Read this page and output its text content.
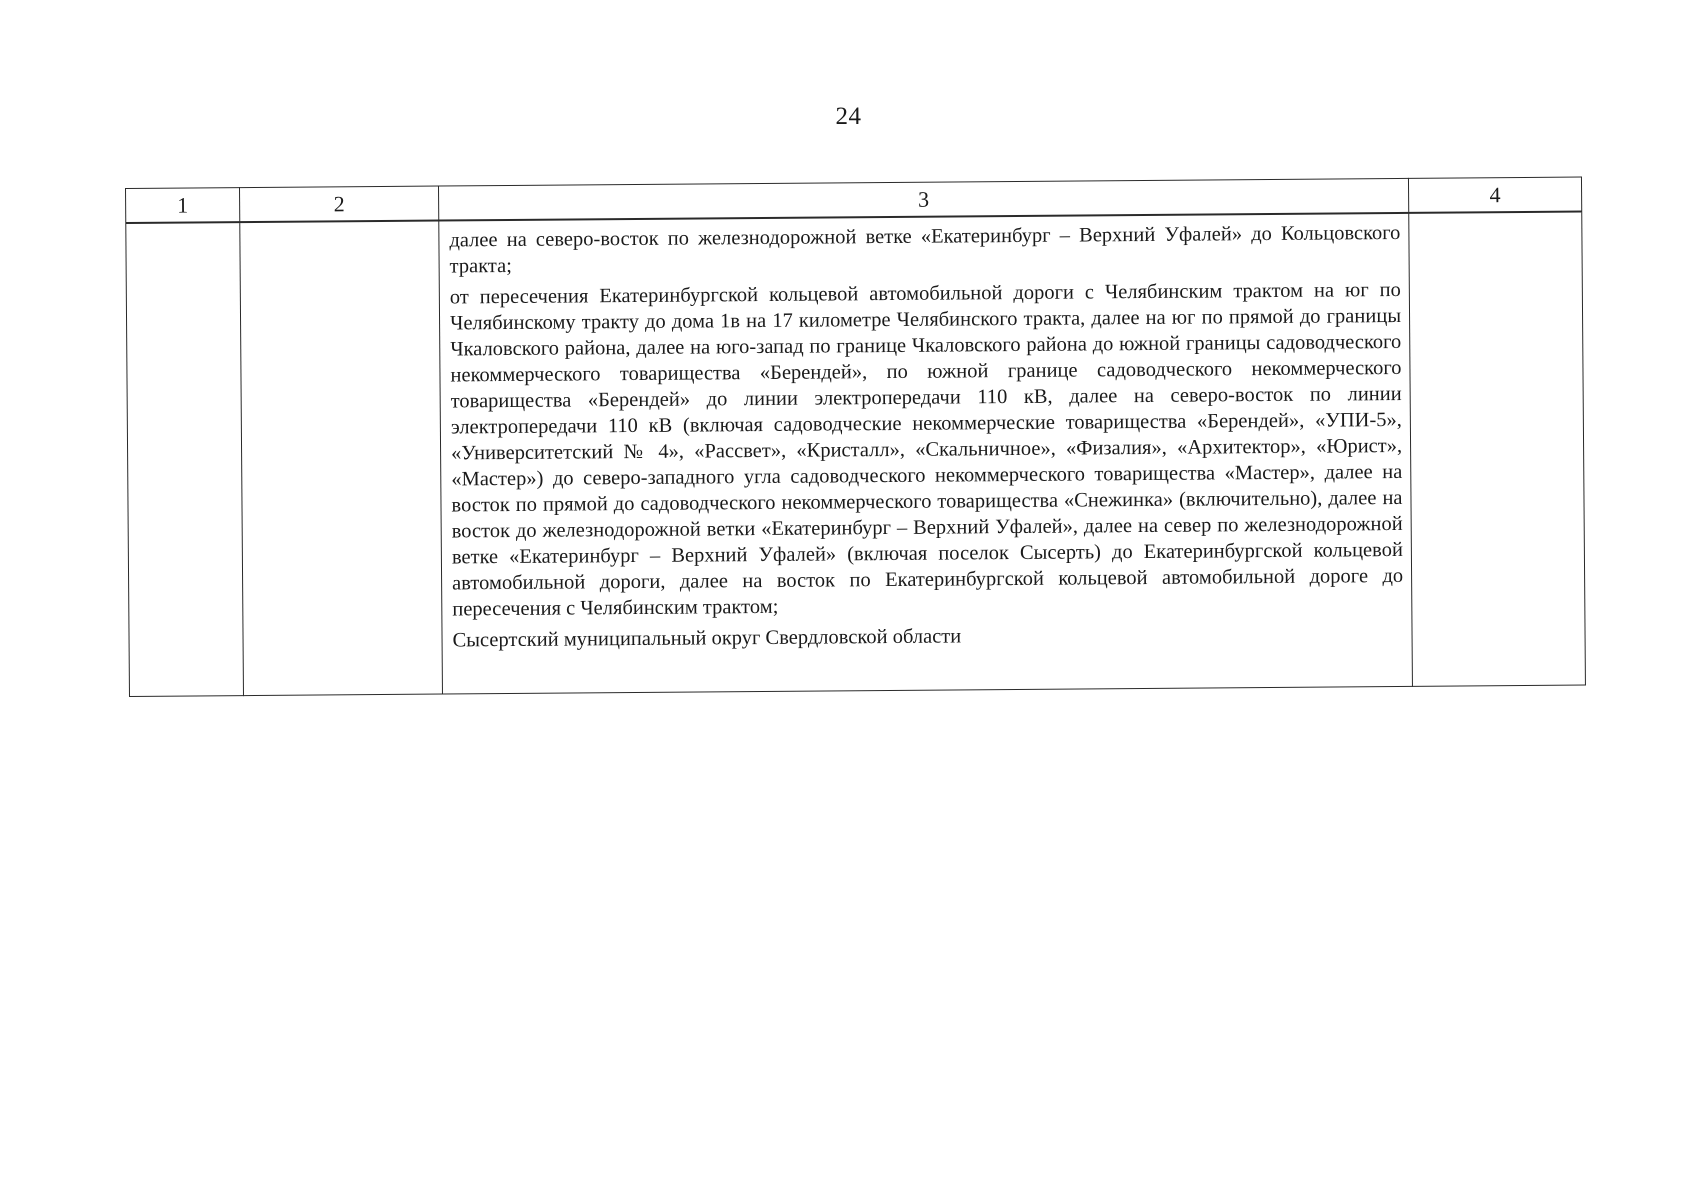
24
1	2	3	4

		далее на северо-восток по железнодорожной ветке «Екатеринбург – Верхний Уфалей» до Кольцовского тракта;

от пересечения Екатеринбургской кольцевой автомобильной дороги с Челябинским трактом на юг по Челябинскому тракту до дома 1в на 17 километре Челябинского тракта, далее на юг по прямой до границы Чкаловского района, далее на юго-запад по границе Чкаловского района до южной границы садоводческого некоммерческого товарищества «Берендей», по южной границе садоводческого некоммерческого товарищества «Берендей» до линии электропередачи 110 кВ, далее на северо-восток по линии электропередачи 110 кВ (включая садоводческие некоммерческие товарищества «Берендей», «УПИ-5», «Университетский № 4», «Рассвет», «Кристалл», «Скальничное», «Физалия», «Архитектор», «Юрист», «Мастер») до северо-западного угла садоводческого некоммерческого товарищества «Мастер», далее на восток по прямой до садоводческого некоммерческого товарищества «Снежинка» (включительно), далее на восток до железнодорожной ветки «Екатеринбург – Верхний Уфалей», далее на север по железнодорожной ветке «Екатеринбург – Верхний Уфалей» (включая поселок Сысерть) до Екатеринбургской кольцевой автомобильной дороги, далее на восток по Екатеринбургской кольцевой автомобильной дороге до пересечения с Челябинским трактом;

Сысертский муниципальный округ Свердловской области	
